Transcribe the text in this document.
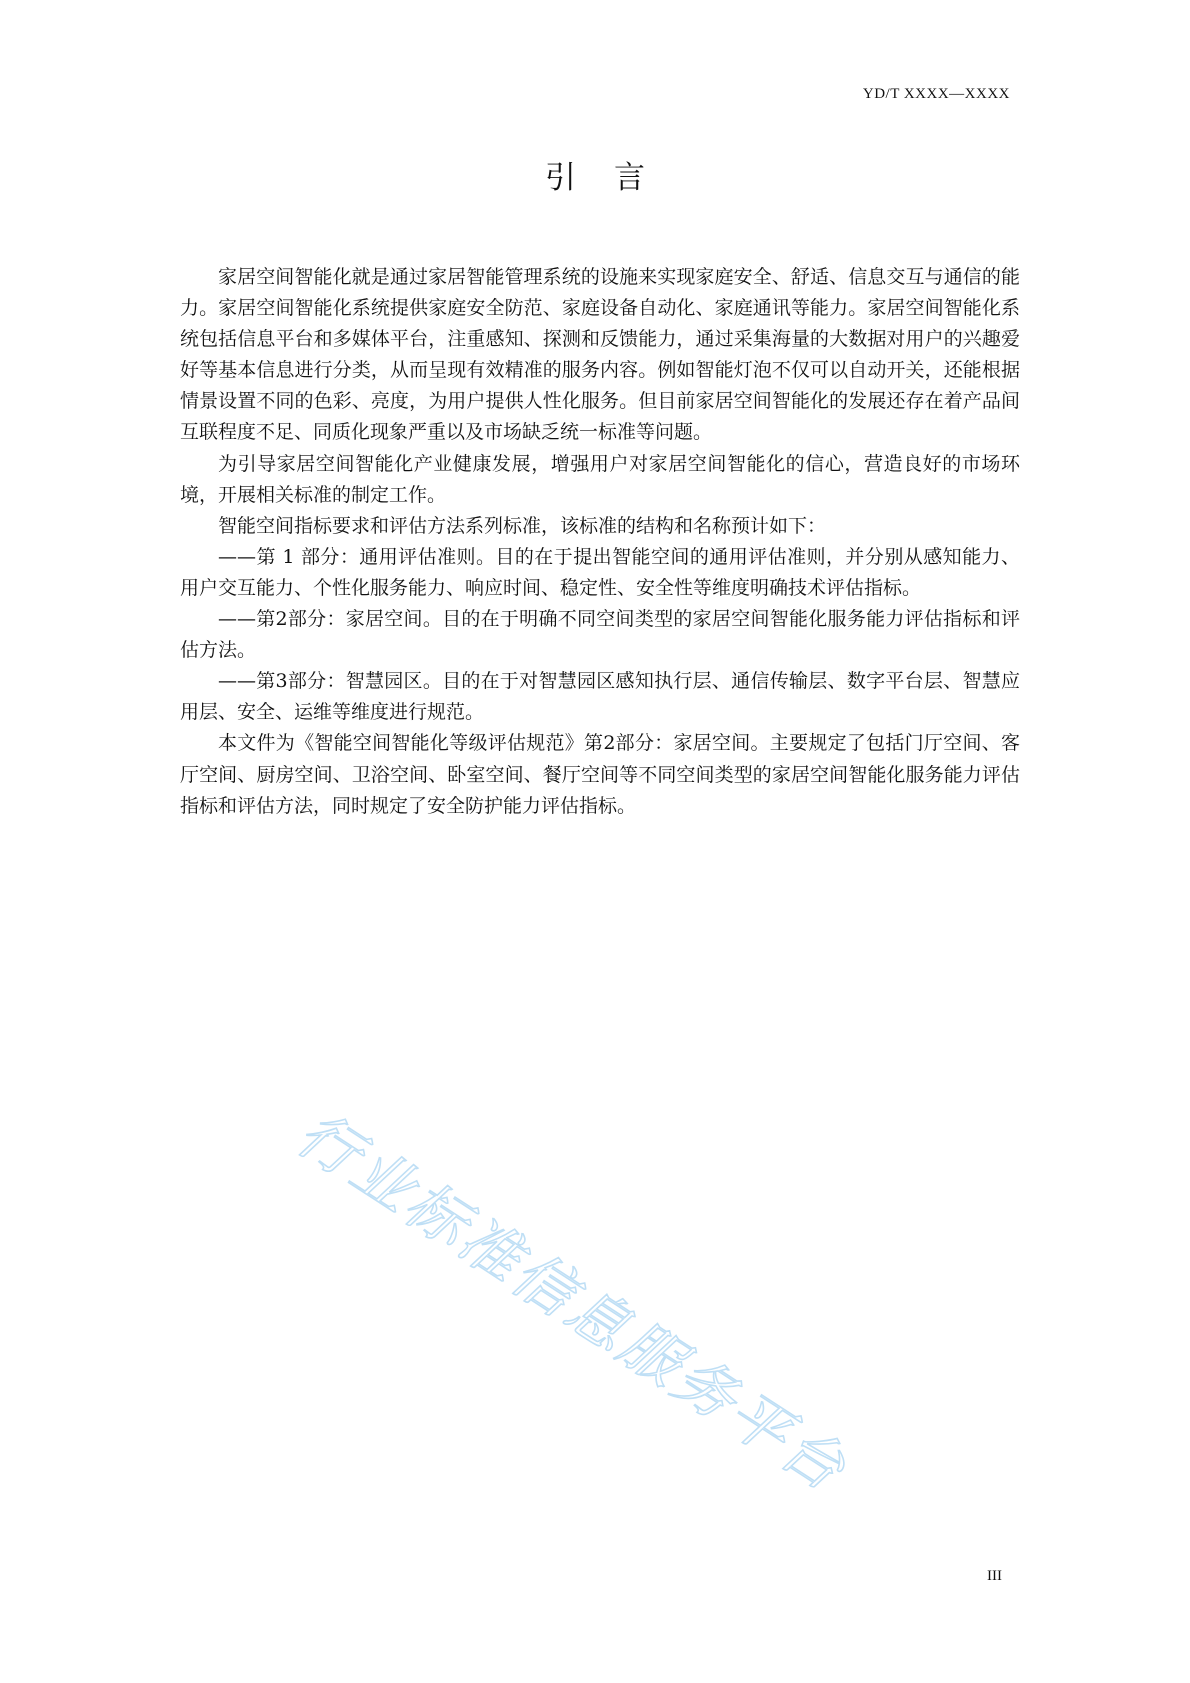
YD/T XXXX—XXXX
引 言

家居空间智能化就是通过家居智能管理系统的设施来实现家庭安全、舒适、信息交互与通信的能力。家居空间智能化系统提供家庭安全防范、家庭设备自动化、家庭通讯等能力。家居空间智能化系统包括信息平台和多媒体平台，注重感知、探测和反馈能力，通过采集海量的大数据对用户的兴趣爱好等基本信息进行分类，从而呈现有效精准的服务内容。例如智能灯泡不仅可以自动开关，还能根据情景设置不同的色彩、亮度，为用户提供人性化服务。但目前家居空间智能化的发展还存在着产品间互联程度不足、同质化现象严重以及市场缺乏统一标准等问题。

为引导家居空间智能化产业健康发展，增强用户对家居空间智能化的信心，营造良好的市场环境，开展相关标准的制定工作。

智能空间指标要求和评估方法系列标准，该标准的结构和名称预计如下：

——第 1 部分：通用评估准则。目的在于提出智能空间的通用评估准则，并分别从感知能力、用户交互能力、个性化服务能力、响应时间、稳定性、安全性等维度明确技术评估指标。

——第2部分：家居空间。目的在于明确不同空间类型的家居空间智能化服务能力评估指标和评估方法。

——第3部分：智慧园区。目的在于对智慧园区感知执行层、通信传输层、数字平台层、智慧应用层、安全、运维等维度进行规范。

本文件为《智能空间智能化等级评估规范》第2部分：家居空间。主要规定了包括门厅空间、客厅空间、厨房空间、卫浴空间、卧室空间、餐厅空间等不同空间类型的家居空间智能化服务能力评估指标和评估方法，同时规定了安全防护能力评估指标。

行业标准信息服务平台
III
